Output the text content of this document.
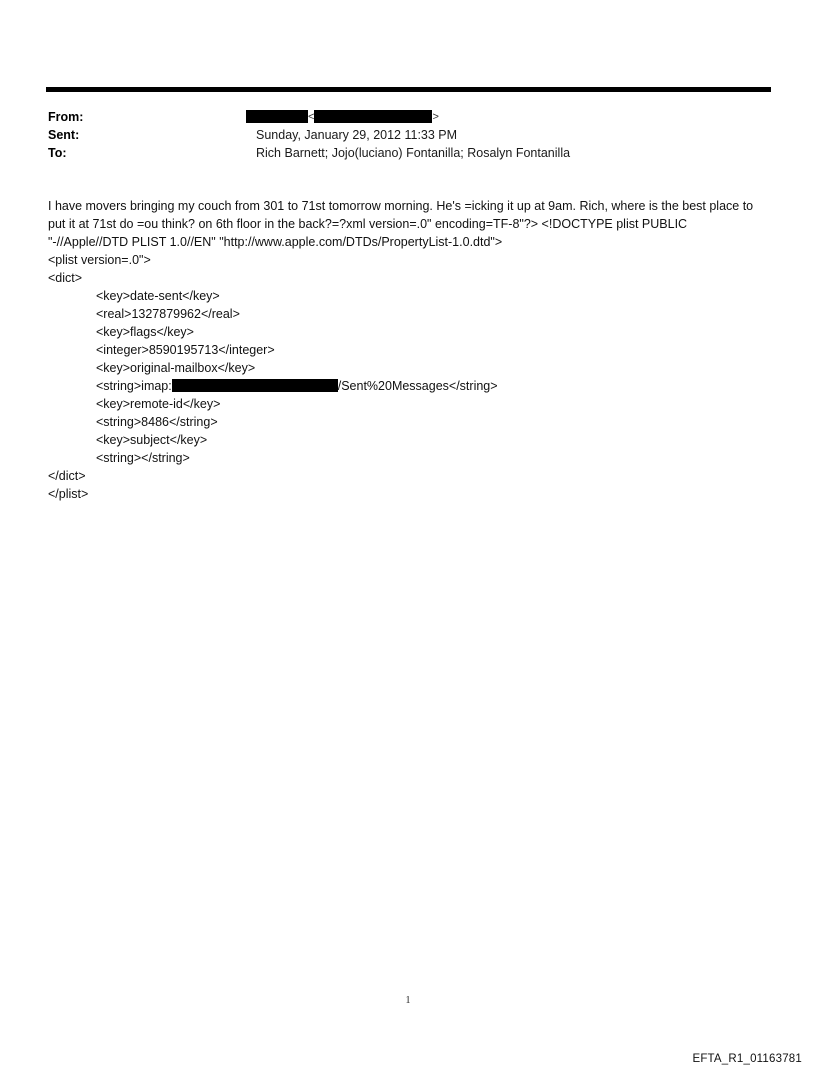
From:	<	>
Sent:	Sunday, January 29, 2012 11:33 PM
To:	Rich Barnett; Jojo(luciano) Fontanilla; Rosalyn Fontanilla

I have movers bringing my couch from 301 to 71st tomorrow morning. He's =icking it up at 9am. Rich, where is the best place to put it at 71st do =ou think? on 6th floor in the back?=?xml version=.0" encoding=TF-8"?> <!DOCTYPE plist PUBLIC "-//Apple//DTD PLIST 1.0//EN" "http://www.apple.com/DTDs/PropertyList-1.0.dtd">

<plist version=.0">
<dict>
<key>date-sent</key>
<real>1327879962</real>
<key>flags</key>
<integer>8590195713</integer>
<key>original-mailbox</key>
<string>imap:	/Sent%20Messages</string>
<key>remote-id</key>
<string>8486</string>
<key>subject</key>
<string></string>
</dict>
</plist>
1
EFTA_R1_01163781
